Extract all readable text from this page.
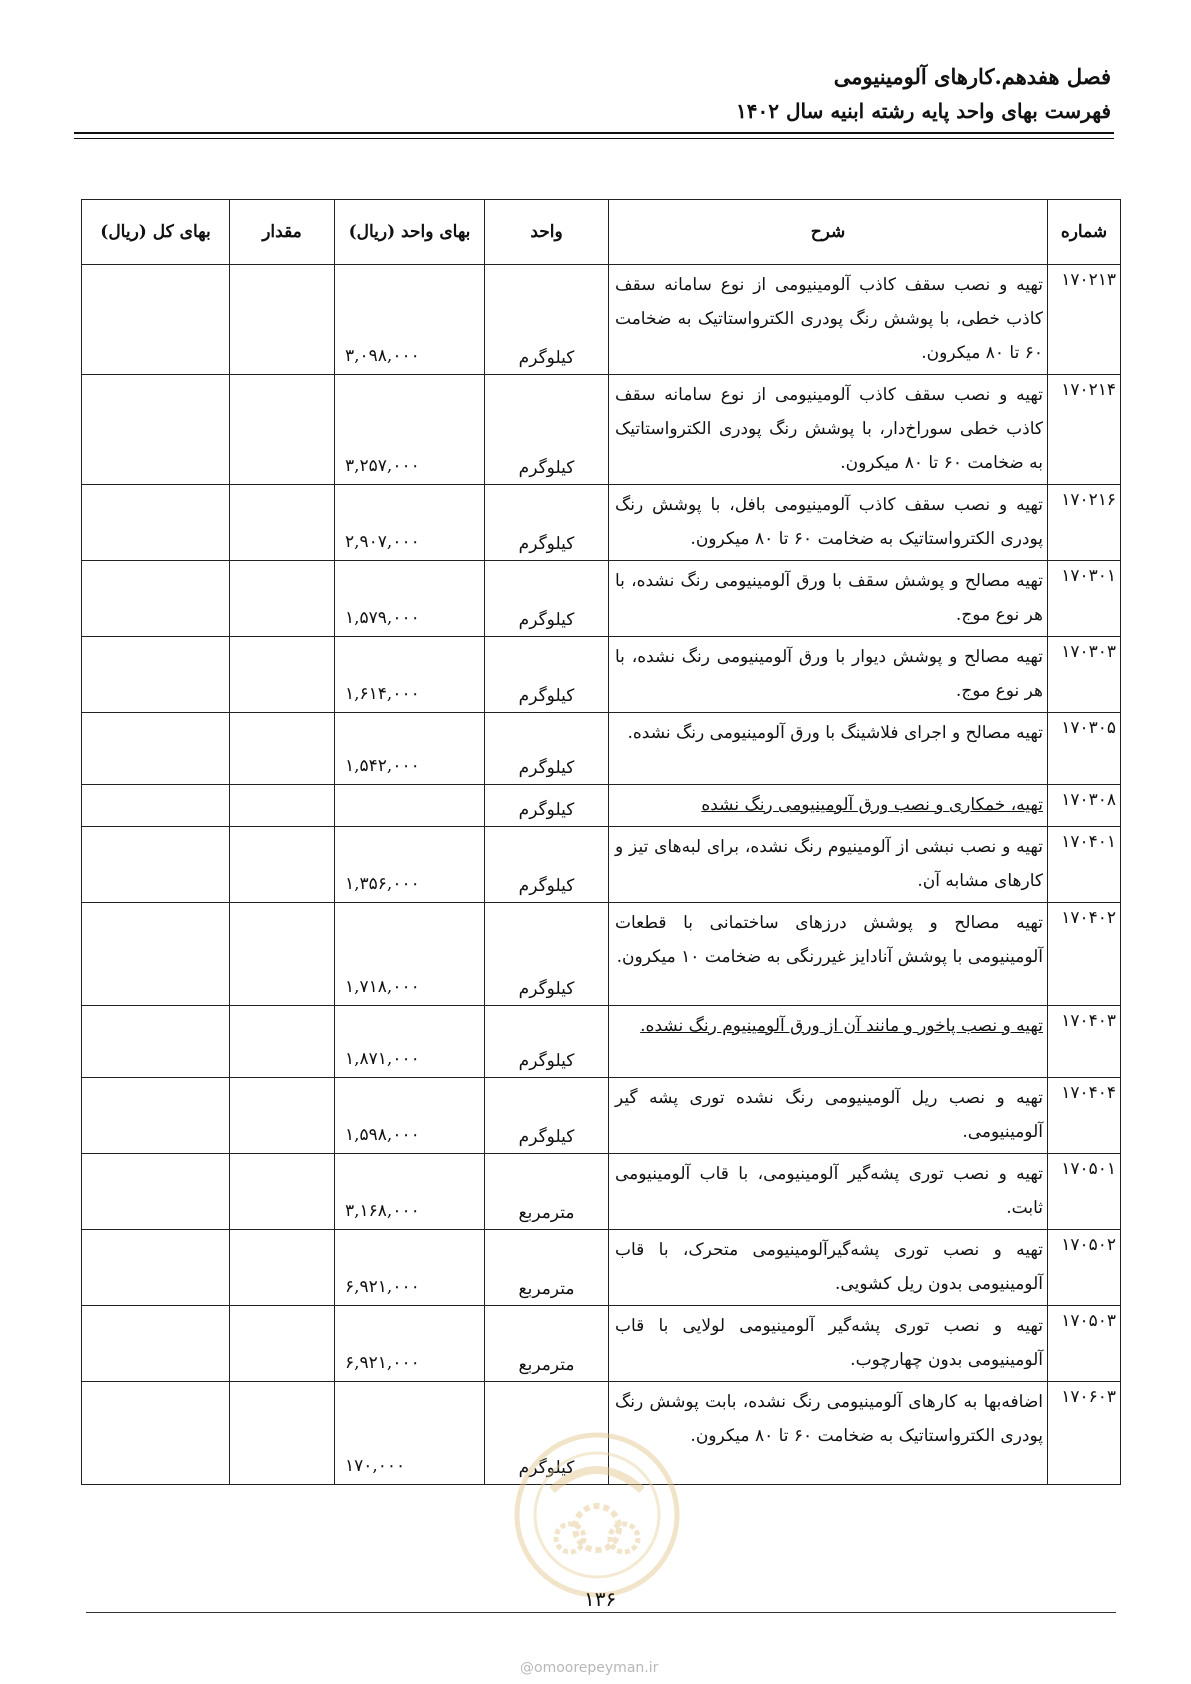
فصل هفدهم.کارهای آلومینیومی
فهرست بهای واحد پایه رشته ابنیه سال ۱۴۰۲
شماره	شرح	واحد	بهای واحد (ریال)	مقدار	بهای کل (ریال)
۱۷۰۲۱۳	تهیه و نصب سقف کاذب آلومینیومی از نوع سامانه سقف کاذب خطی، با پوشش رنگ پودری الکترواستاتیک به ضخامت ۶۰ تا ۸۰ میکرون.	کیلوگرم	۳,۰۹۸,۰۰۰		
۱۷۰۲۱۴	تهیه و نصب سقف کاذب آلومینیومی از نوع سامانه سقف کاذب خطی سوراخ‌دار، با پوشش رنگ پودری الکترواستاتیک به ضخامت ۶۰ تا ۸۰ میکرون.	کیلوگرم	۳,۲۵۷,۰۰۰		
۱۷۰۲۱۶	تهیه و نصب سقف کاذب آلومینیومی بافل، با پوشش رنگ پودری الکترواستاتیک به ضخامت ۶۰ تا ۸۰ میکرون.	کیلوگرم	۲,۹۰۷,۰۰۰		
۱۷۰۳۰۱	تهیه مصالح و پوشش سقف با ورق آلومینیومی رنگ نشده، با هر نوع موج.	کیلوگرم	۱,۵۷۹,۰۰۰		
۱۷۰۳۰۳	تهیه مصالح و پوشش دیوار با ورق آلومینیومی رنگ نشده، با هر نوع موج.	کیلوگرم	۱,۶۱۴,۰۰۰		
۱۷۰۳۰۵	تهیه مصالح و اجرای فلاشینگ با ورق آلومینیومی رنگ نشده.	کیلوگرم	۱,۵۴۲,۰۰۰		
۱۷۰۳۰۸	تهیه، خمکاری و نصب ورق آلومینیومی رنگ نشده	کیلوگرم			
۱۷۰۴۰۱	تهیه و نصب نبشی از آلومینیوم رنگ نشده، برای لبه‌های تیز و کارهای مشابه آن.	کیلوگرم	۱,۳۵۶,۰۰۰		
۱۷۰۴۰۲	تهیه مصالح و پوشش درزهای ساختمانی با قطعات آلومینیومی با پوشش آنادایز غیررنگی به ضخامت ۱۰ میکرون.	کیلوگرم	۱,۷۱۸,۰۰۰		
۱۷۰۴۰۳	تهیه و نصب پاخور و مانند آن از ورق آلومینیوم رنگ نشده.	کیلوگرم	۱,۸۷۱,۰۰۰		
۱۷۰۴۰۴	تهیه و نصب ریل آلومینیومی رنگ نشده توری پشه گیر آلومینیومی.	کیلوگرم	۱,۵۹۸,۰۰۰		
۱۷۰۵۰۱	تهیه و نصب توری پشه‌گیر آلومینیومی، با قاب آلومینیومی ثابت.	مترمربع	۳,۱۶۸,۰۰۰		
۱۷۰۵۰۲	تهیه و نصب توری پشه‌گیرآلومینیومی متحرک، با قاب آلومینیومی بدون ریل کشویی.	مترمربع	۶,۹۲۱,۰۰۰		
۱۷۰۵۰۳	تهیه و نصب توری پشه‌گیر آلومینیومی لولایی با قاب آلومینیومی بدون چهارچوب.	مترمربع	۶,۹۲۱,۰۰۰		
۱۷۰۶۰۳	اضافه‌بها به کارهای آلومینیومی رنگ نشده، بابت پوشش رنگ پودری الکترواستاتیک به ضخامت ۶۰ تا ۸۰ میکرون.	کیلوگرم	۱۷۰,۰۰۰		
۱۳۶
@omoorepeyman.ir
